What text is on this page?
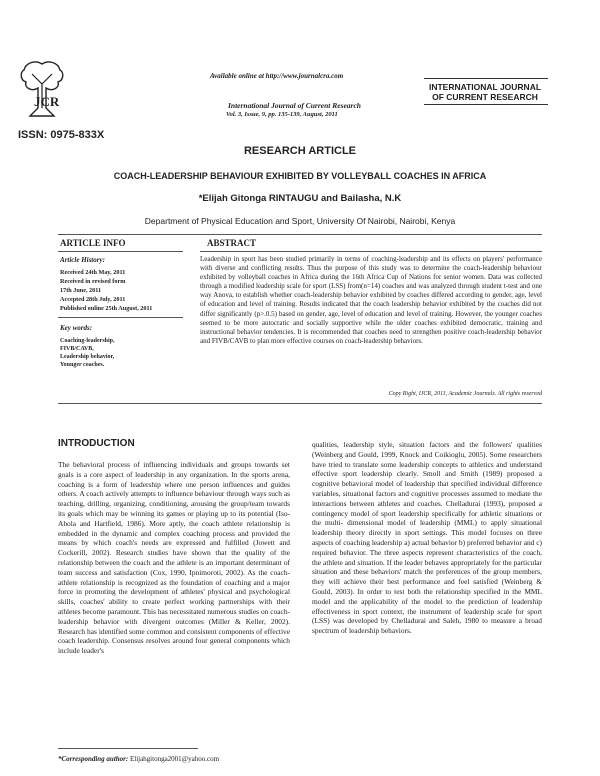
JCR
ISSN: 0975-833X
Available online at http://www.journalcra.com
International Journal of Current Research
Vol. 3, Issue, 9, pp. 135-139, August, 2011
INTERNATIONAL JOURNAL
OF CURRENT RESEARCH
RESEARCH ARTICLE
COACH-LEADERSHIP BEHAVIOUR EXHIBITED BY VOLLEYBALL COACHES IN AFRICA
*Elijah Gitonga RINTAUGU and Bailasha, N.K
Department of Physical Education and Sport, University Of Nairobi, Nairobi, Kenya
ARTICLE INFO	ABSTRACT
Article History:
Received 24th May, 2011
Received in revised form
17th June, 2011
Accepted 28th July, 2011
Published online 25th August, 2011
Key words:
Coaching-leadership,
FIVB/CAVB,
Leadership behavior,
Younger coaches.
Leadership in sport has been studied primarily in terms of coaching-leadership and its effects on players' performance with diverse and conflicting results. Thus the purpose of this study was to determine the coach-leadership behaviour exhibited by volleyball coaches in Africa during the 16th Africa Cup of Nations for senior women. Data was collected through a modified leadership scale for sport (LSS) from(n=14) coaches and was analyzed through student t-test and one way Anova, to establish whether coach-leadership behavior exhibited by coaches differed according to gender, age, level of education and level of training. Results indicated that the coach leadership behavior exhibited by the coaches did not differ significantly (p>.0.5) based on gender, age, level of education and level of training. However, the younger coaches seemed to be more autocratic and socially supportive while the older coaches exhibited democratic, training and instructional behavior tendencies. It is recommended that coaches need to strengthen positive coach-leadership behavior and FIVB/CAVB to plan more effective courses on coach-leadership behaviors.
Copy Right, IJCR, 2011, Academic Journals. All rights reserved
INTRODUCTION
The behavioral process of influencing individuals and groups towards set goals is a core aspect of leadership in any organization. In the sports arena, coaching is a form of leadership where one person influences and guides others. A coach actively attempts to influence behaviour through ways such as teaching, drilling, organizing, conditioning, arousing the group/team towards its goals which may be winning its games or playing up to its potential (Iso-Ahola and Hartfield, 1986). More aptly, the coach athlete relationship is embedded in the dynamic and complex coaching process and provided the means by which coach's needs are expressed and fulfilled (Jowett and Cockerill, 2002). Research studies have shown that the quality of the relationship between the coach and the athlete is an important determinant of team success and satisfaction (Cox, 1990, Ipnimoroti, 2002). As the coach-athlete relationship is recognized as the foundation of coaching and a major force in promoting the development of athletes' physical and psychological skills, coaches' ability to create perfect working partnerships with their athletes become paramount. This has necessitated numerous studies on coach-leadership behavior with divergent outcomes (Miller & Keller, 2002). Research has identified some common and consistent components of effective coach leadership. Consensus resolves around four general components which include leader's
qualities, leadership style, situation factors and the followers' qualities (Weinberg and Gould, 1999, Knock and Coikioglu, 2005). Some researchers have tried to translate some leadership concepts to athletics and understand effective sport leadership clearly. Smoll and Smith (1989) proposed a cognitive behavioral model of leadership that specified individual difference variables, situational factors and cognitive processes assumed to mediate the interactions between athletes and coaches. Chelladurai (1993), proposed a contingency model of sport leadership specifically for athletic situations or the multi- dimensional model of leadership (MML) to apply situational leadership theory directly in sport settings. This model focuses on three aspects of coaching leadership a) actual behavior b) preferred behavior and c) required behavior. The three aspects represent characteristics of the coach, the athlete and situation. If the leader behaves appropriately for the particular situation and these behaviors' match the preferences of the group members, they will achieve their best performance and feel satisfied (Weinberg & Gould, 2003). In order to test both the relationship specified in the MML model and the applicability of the model to the prediction of leadership effectiveness in sport context, the instrument of leadership scale for sport (LSS) was developed by Chelladurai and Saleh, 1980 to measure a broad spectrum of leadership behaviors.
*Corresponding author: Elijahgitonga2001@yahoo.com
